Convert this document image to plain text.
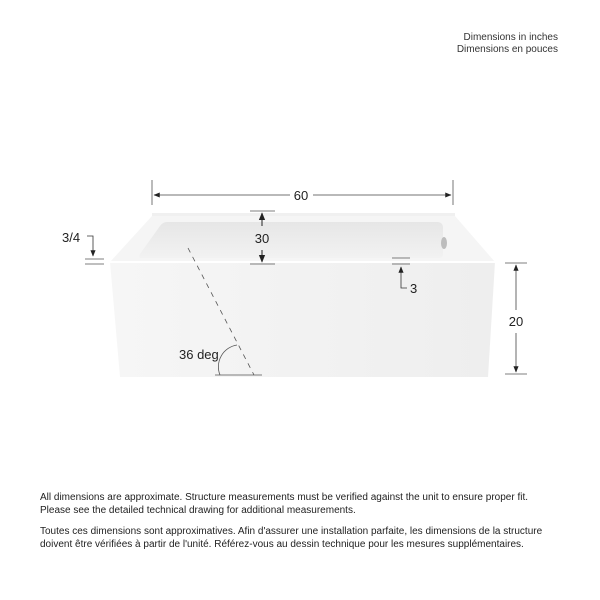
Dimensions in inches
Dimensions en pouces
60
30
3/4
3
20
36 deg

All dimensions are approximate. Structure measurements must be verified against the unit to ensure proper fit. Please see the detailed technical drawing for additional measurements.

Toutes ces dimensions sont approximatives. Afin d'assurer une installation parfaite, les dimensions de la structure doivent être vérifiées à partir de l'unité. Référez-vous au dessin technique pour les mesures supplémentaires.
